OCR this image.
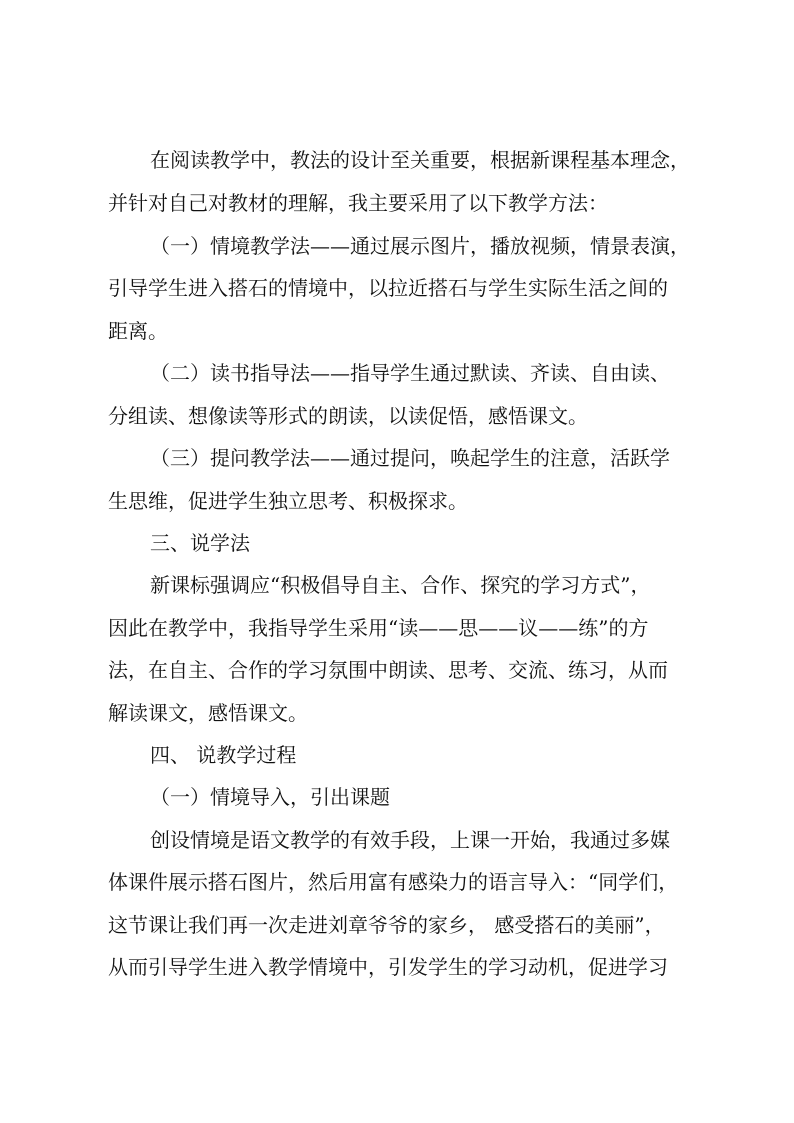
在阅读教学中，教法的设计至关重要，根据新课程基本理念，
并针对自己对教材的理解，我主要采用了以下教学方法：
（一）情境教学法——通过展示图片，播放视频，情景表演，
引导学生进入搭石的情境中，以拉近搭石与学生实际生活之间的
距离。
（二）读书指导法——指导学生通过默读、齐读、自由读、
分组读、想像读等形式的朗读，以读促悟，感悟课文。
（三）提问教学法——通过提问，唤起学生的注意，活跃学
生思维，促进学生独立思考、积极探求。
三、说学法
新课标强调应“积极倡导自主、合作、探究的学习方式”，
因此在教学中，我指导学生采用“读——思——议——练”的方
法，在自主、合作的学习氛围中朗读、思考、交流、练习，从而
解读课文，感悟课文。
四、 说教学过程
（一）情境导入，引出课题
创设情境是语文教学的有效手段，上课一开始，我通过多媒
体课件展示搭石图片，然后用富有感染力的语言导入：“同学们，
这节课让我们再一次走进刘章爷爷的家乡， 感受搭石的美丽”，
从而引导学生进入教学情境中，引发学生的学习动机，促进学习
